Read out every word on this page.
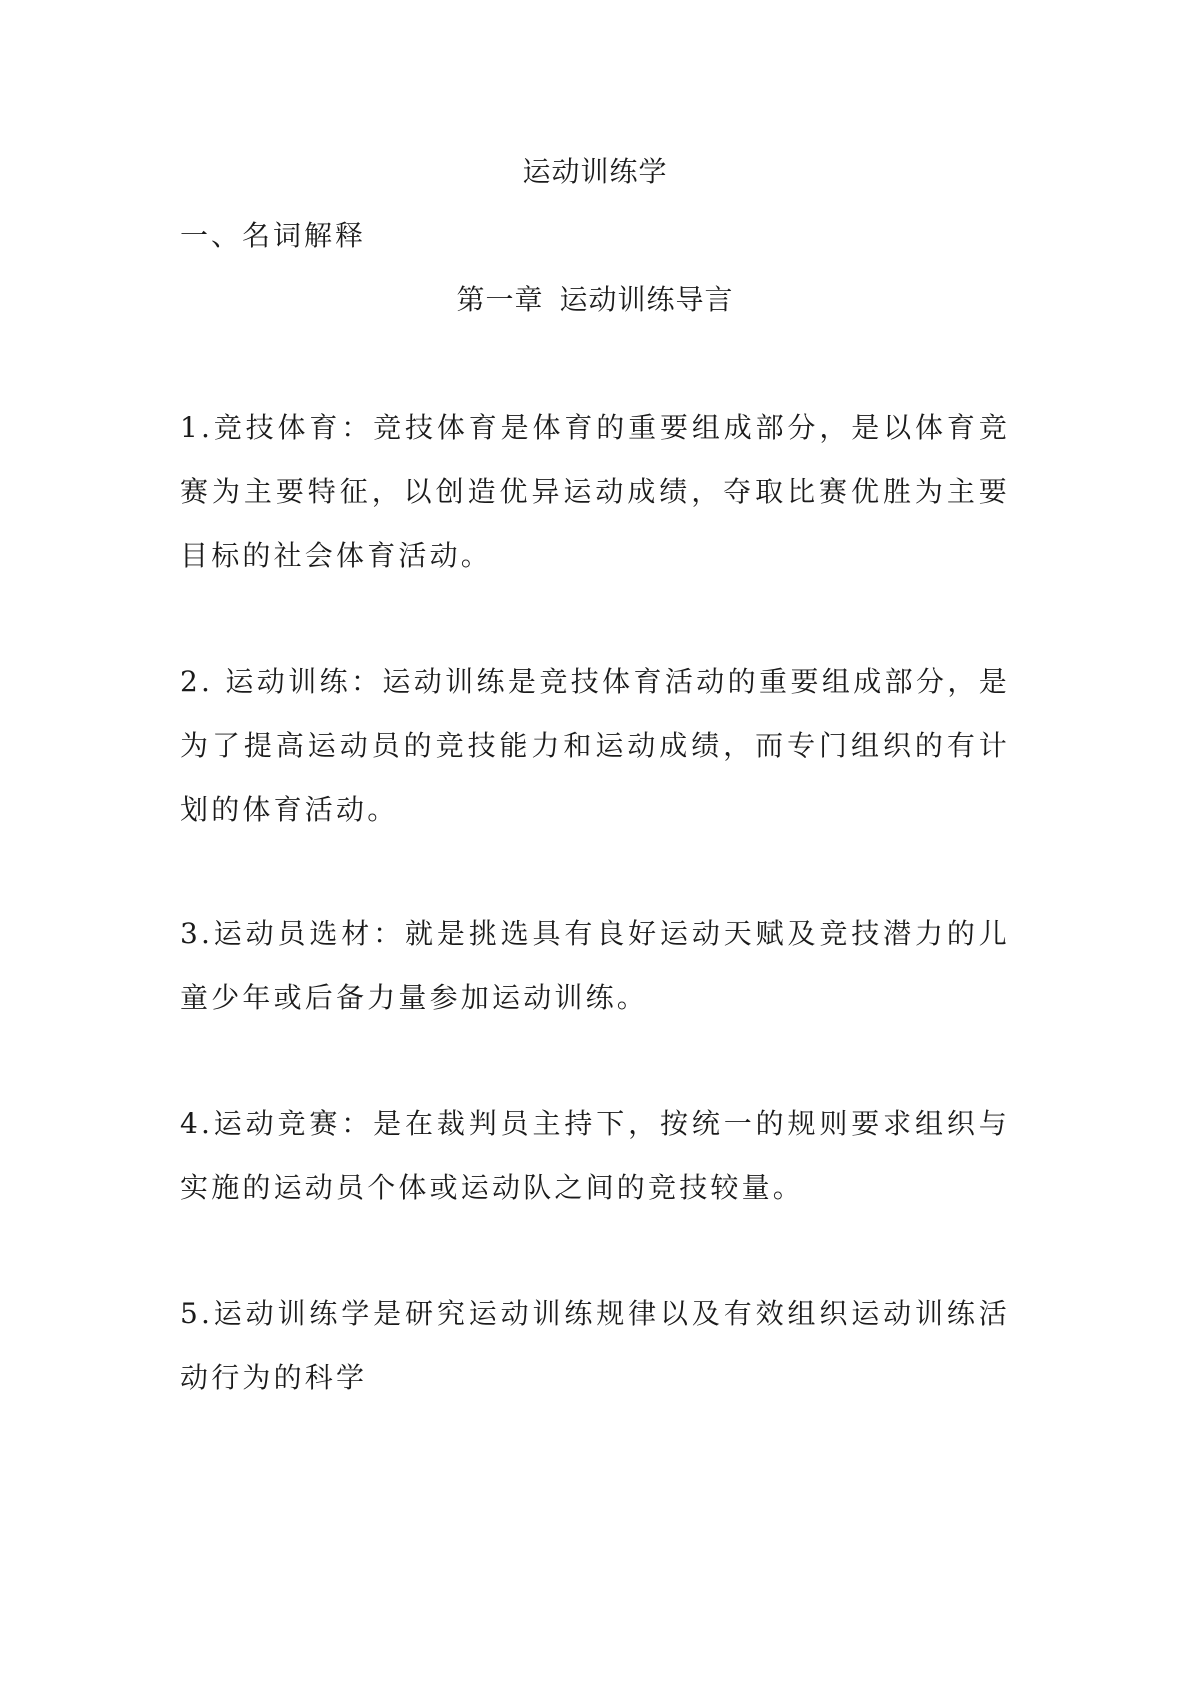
运动训练学
一、名词解释
第一章 运动训练导言

1.竞技体育：竞技体育是体育的重要组成部分，是以体育竞赛为主要特征，以创造优异运动成绩，夺取比赛优胜为主要目标的社会体育活动。

2. 运动训练：运动训练是竞技体育活动的重要组成部分，是为了提高运动员的竞技能力和运动成绩，而专门组织的有计划的体育活动。

3.运动员选材：就是挑选具有良好运动天赋及竞技潜力的儿童少年或后备力量参加运动训练。

4.运动竞赛：是在裁判员主持下，按统一的规则要求组织与实施的运动员个体或运动队之间的竞技较量。

5.运动训练学是研究运动训练规律以及有效组织运动训练活动行为的科学
